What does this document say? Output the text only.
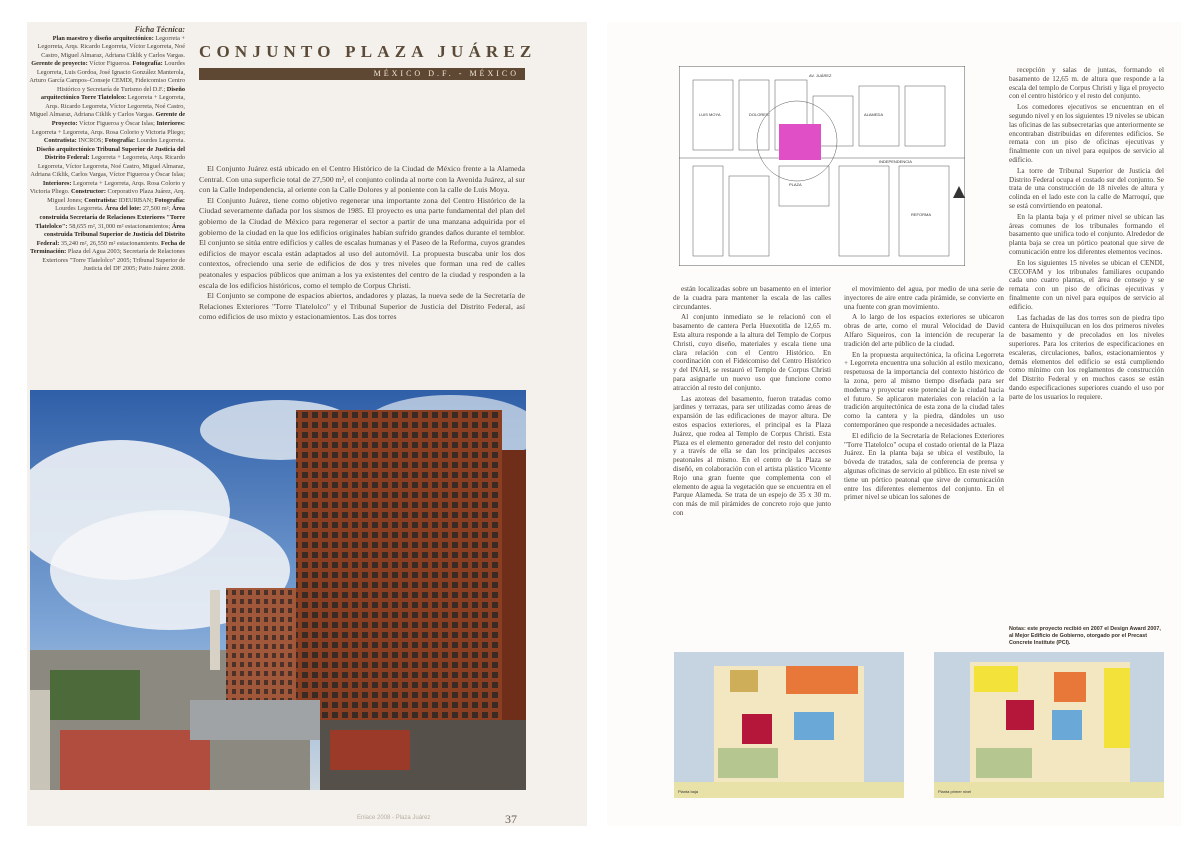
Ficha Técnica:
Plan maestro y diseño arquitectónico: Legorreta + Legorreta, Arqs. Ricardo Legorreta, Víctor Legorreta, Noé Castro, Miguel Almaraz, Adriana Ciklik y Carlos Vargas. Gerente de proyecto: Víctor Figueroa. Fotografía: Lourdes Legorreta, Luis Gordoa, José Ignacio González Manterola, Arturo García Campos–Conseje CEMDI, Fideicomiso Centro Histórico y Secretaría de Turismo del D.F.; Diseño arquitectónico Torre Tlatelolco: Legorreta + Legorreta, Arqs. Ricardo Legorreta, Víctor Legorreta, Noé Castro, Miguel Almaraz, Adriana Ciklik y Carlos Vargas. Gerente de Proyecto: Víctor Figueroa y Óscar Islas; Interiores: Legorreta + Legorreta, Arqs. Rosa Colorio y Victoria Pliego; Contratista: INCROS; Fotografía: Lourdes Legorreta. Diseño arquitectónico Tribunal Superior de Justicia del Distrito Federal: Legorreta + Legorreta, Arqs. Ricardo Legorreta, Víctor Legorreta, Noé Castro, Miguel Almaraz, Adriana Ciklik, Carlos Vargas, Víctor Figueroa y Óscar Islas; Interiores: Legorreta + Legorreta, Arqs. Rosa Colorio y Victoria Pliego. Constructor: Corporativo Plaza Juárez, Arq. Miguel Jones; Contratista: IDEURBAN; Fotografía: Lourdes Legorreta. Área del lote: 27,500 m²; Área construida Secretaría de Relaciones Exteriores "Torre Tlatelolco": 58,655 m², 31,000 m² estacionamientos; Área construida Tribunal Superior de Justicia del Distrito Federal: 35,240 m², 26,550 m² estacionamiento. Fecha de Terminación: Plaza del Agua 2003; Secretaría de Relaciones Exteriores "Torre Tlatelolco" 2005; Tribunal Superior de Justicia del DF 2005; Patio Juárez 2008.
CONJUNTO PLAZA JUÁREZ
MÉXICO D.F. - MÉXICO

El Conjunto Juárez está ubicado en el Centro Histórico de la Ciudad de México frente a la Alameda Central. Con una superficie total de 27,500 m², el conjunto colinda al norte con la Avenida Juárez, al sur con la Calle Independencia, al oriente con la Calle Dolores y al poniente con la calle de Luis Moya.

El Conjunto Juárez, tiene como objetivo regenerar una importante zona del Centro Histórico de la Ciudad severamente dañada por los sismos de 1985. El proyecto es una parte fundamental del plan del gobierno de la Ciudad de México para regenerar el sector a partir de una manzana adquirida por el gobierno de la ciudad en la que los edificios originales habían sufrido grandes daños durante el temblor. El conjunto se sitúa entre edificios y calles de escalas humanas y el Paseo de la Reforma, cuyos grandes edificios de mayor escala están adaptados al uso del automóvil. La propuesta buscaba unir los dos contextos, ofreciendo una serie de edificios de dos y tres niveles que forman una red de calles peatonales y espacios públicos que animan a los ya existentes del centro de la ciudad y responden a la escala de los edificios históricos, como el templo de Corpus Christi.

El Conjunto se compone de espacios abiertos, andadores y plazas, la nueva sede de la Secretaría de Relaciones Exteriores "Torre Tlatelolco" y el Tribunal Superior de Justicia del Distrito Federal, así como edificios de uso mixto y estacionamientos. Las dos torres

Enlace 2008 - Plaza Juárez	37
AV. JUÁREZ
INDEPENDENCIA
DOLORES
LUIS MOYA	ALAMEDA
PLAZA
REFORMA

están localizadas sobre un basamento en el interior de la cuadra para mantener la escala de las calles circundantes.

Al conjunto inmediato se le relacionó con el basamento de cantera Perla Huexotitla de 12,65 m. Esta altura responde a la altura del Templo de Corpus Christi, cuyo diseño, materiales y escala tiene una clara relación con el Centro Histórico. En coordinación con el Fideicomiso del Centro Histórico y del INAH, se restauró el Templo de Corpus Christi para asignarle un nuevo uso que funcione como atracción al resto del conjunto.

Las azoteas del basamento, fueron tratadas como jardines y terrazas, para ser utilizadas como áreas de expansión de las edificaciones de mayor altura. De estos espacios exteriores, el principal es la Plaza Juárez, que rodea al Templo de Corpus Christi. Esta Plaza es el elemento generador del resto del conjunto y a través de ella se dan los principales accesos peatonales al mismo. En el centro de la Plaza se diseñó, en colaboración con el artista plástico Vicente Rojo una gran fuente que complementa con el elemento de agua la vegetación que se encuentra en el Parque Alameda. Se trata de un espejo de 35 x 30 m. con más de mil pirámides de concreto rojo que junto con

el movimiento del agua, por medio de una serie de inyectores de aire entre cada pirámide, se convierte en una fuente con gran movimiento.

A lo largo de los espacios exteriores se ubicaron obras de arte, como el mural Velocidad de David Alfaro Siqueiros, con la intención de recuperar la tradición del arte público de la ciudad.

En la propuesta arquitectónica, la oficina Legorreta + Legorreta encuentra una solución al estilo mexicano, respetuosa de la importancia del contexto histórico de la zona, pero al mismo tiempo diseñada para ser moderna y proyectar este potencial de la ciudad hacia el futuro. Se aplicaron materiales con relación a la tradición arquitectónica de esta zona de la ciudad tales como la cantera y la piedra, dándoles un uso contemporáneo que responde a necesidades actuales.

El edificio de la Secretaría de Relaciones Exteriores "Torre Tlatelolco" ocupa el costado oriental de la Plaza Juárez. En la planta baja se ubica el vestíbulo, la bóveda de tratados, sala de conferencia de prensa y algunas oficinas de servicio al público. En este nivel se tiene un pórtico peatonal que sirve de comunicación entre los diferentes elementos del conjunto. En el primer nivel se ubican los salones de

recepción y salas de juntas, formando el basamento de 12,65 m. de altura que responde a la escala del templo de Corpus Christi y liga el proyecto con el centro histórico y el resto del conjunto.

Los comedores ejecutivos se encuentran en el segundo nivel y en los siguientes 19 niveles se ubican las oficinas de las subsecretarías que anteriormente se encontraban distribuidas en diferentes edificios. Se remata con un piso de oficinas ejecutivas y finalmente con un nivel para equipos de servicio al edificio.

La torre de Tribunal Superior de Justicia del Distrito Federal ocupa el costado sur del conjunto. Se trata de una construcción de 18 niveles de altura y colinda en el lado este con la calle de Marroquí, que se está convirtiendo en peatonal.

En la planta baja y el primer nivel se ubican las áreas comunes de los tribunales formando el basamento que unifica todo el conjunto. Alrededor de planta baja se crea un pórtico peatonal que sirve de comunicación entre los diferentes elementos vecinos.

En los siguientes 15 niveles se ubican el CENDI, CECOFAM y los tribunales familiares ocupando cada uno cuatro plantas, el área de consejo y se remata con un piso de oficinas ejecutivas y finalmente con un nivel para equipos de servicio al edificio.

Las fachadas de las dos torres son de piedra tipo cantera de Huixquilucan en los dos primeros niveles de basamento y de precolados en los niveles superiores. Para los criterios de especificaciones en escaleras, circulaciones, baños, estacionamientos y demás elementos del edificio se está cumpliendo como mínimo con los reglamentos de construcción del Distrito Federal y en muchos casos se están dando especificaciones superiores cuando el uso por parte de los usuarios lo requiere.

Notas: este proyecto recibió en 2007 el Design Award 2007, al Mejor Edificio de Gobierno, otorgado por el Precast Concrete Institute (PCI).
Planta baja	Planta primer nivel
